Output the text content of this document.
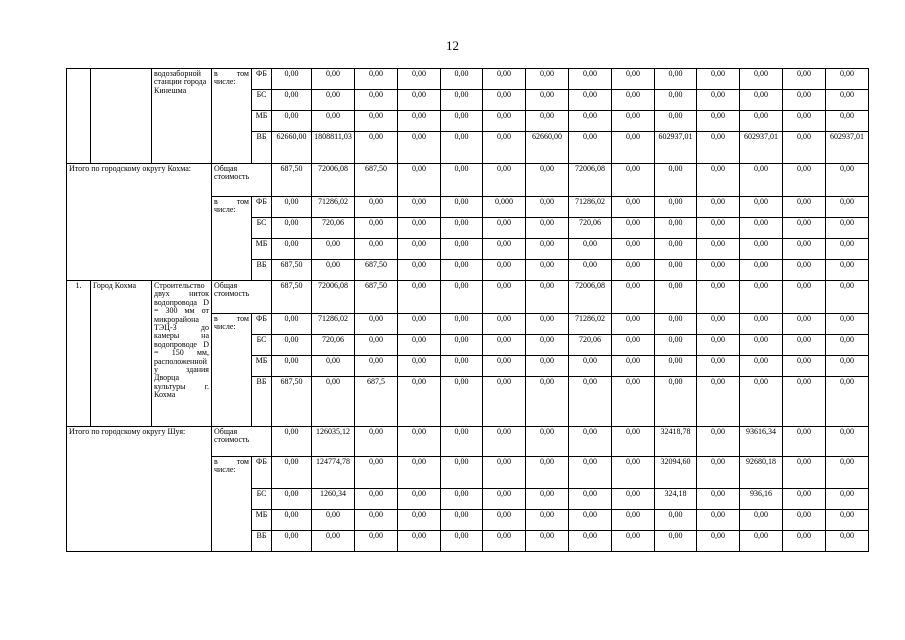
12
		водозаборной станции города Кинешма	в том
числе:	ФБ	0,00	0,00	0,00	0,00	0,00	0,00	0,00	0,00	0,00	0,00	0,00	0,00	0,00	0,00
				БС	0,00	0,00	0,00	0,00	0,00	0,00	0,00	0,00	0,00	0,00	0,00	0,00	0,00	0,00
				МБ	0,00	0,00	0,00	0,00	0,00	0,00	0,00	0,00	0,00	0,00	0,00	0,00	0,00	0,00
				ВБ	62660,00	1808811,03	0,00	0,00	0,00	0,00	62660,00	0,00	0,00	602937,01	0,00	602937,01	0,00	602937,01
Итого по городскому округу Кохма:			Общая стоимость		687,50	72006,08	687,50	0,00	0,00	0,00	0,00	72006,08	0,00	0,00	0,00	0,00	0,00	0,00

			в том
числе:	ФБ	0,00	71286,02	0,00	0,00	0,00	0,000	0,00	71286,02	0,00	0,00	0,00	0,00	0,00	0,00
				БС	0,00	720,06	0,00	0,00	0,00	0,00	0,00	720,06	0,00	0,00	0,00	0,00	0,00	0,00
				МБ	0,00	0,00	0,00	0,00	0,00	0,00	0,00	0,00	0,00	0,00	0,00	0,00	0,00	0,00
				ВБ	687,50	0,00	687,50	0,00	0,00	0,00	0,00	0,00	0,00	0,00	0,00	0,00	0,00	0,00
1.	Город Кохма	Строительство двух ниток водопровода D = 300 мм от микрорайона ТЭЦ-3 до камеры на водопроводе D = 150 мм, расположенной у здания Дворца культуры г. Кохма	Общая стоимость		687,50	72006,08	687,50	0,00	0,00	0,00	0,00	72006,08	0,00	0,00	0,00	0,00	0,00	0,00

			в том
числе:	ФБ	0,00	71286,02	0,00	0,00	0,00	0,00	0,00	71286,02	0,00	0,00	0,00	0,00	0,00	0,00
				БС	0,00	720,06	0,00	0,00	0,00	0,00	0,00	720,06	0,00	0,00	0,00	0,00	0,00	0,00
				МБ	0,00	0,00	0,00	0,00	0,00	0,00	0,00	0,00	0,00	0,00	0,00	0,00	0,00	0,00
				ВБ	687,50	0,00	687,5	0,00	0,00	0,00	0,00	0,00	0,00	0,00	0,00	0,00	0,00	0,00
Итого по городскому округу Шуя:			Общая стоимость		0,00	126035,12	0,00	0,00	0,00	0,00	0,00	0,00	0,00	32418,78	0,00	93616,34	0,00	0,00

			в том
числе:	ФБ	0,00	124774,78	0,00	0,00	0,00	0,00	0,00	0,00	0,00	32094,60	0,00	92680,18	0,00	0,00
				БС	0,00	1260,34	0,00	0,00	0,00	0,00	0,00	0,00	0,00	324,18	0,00	936,16	0,00	0,00
				МБ	0,00	0,00	0,00	0,00	0,00	0,00	0,00	0,00	0,00	0,00	0,00	0,00	0,00	0,00
				ВБ	0,00	0,00	0,00	0,00	0,00	0,00	0,00	0,00	0,00	0,00	0,00	0,00	0,00	0,00
